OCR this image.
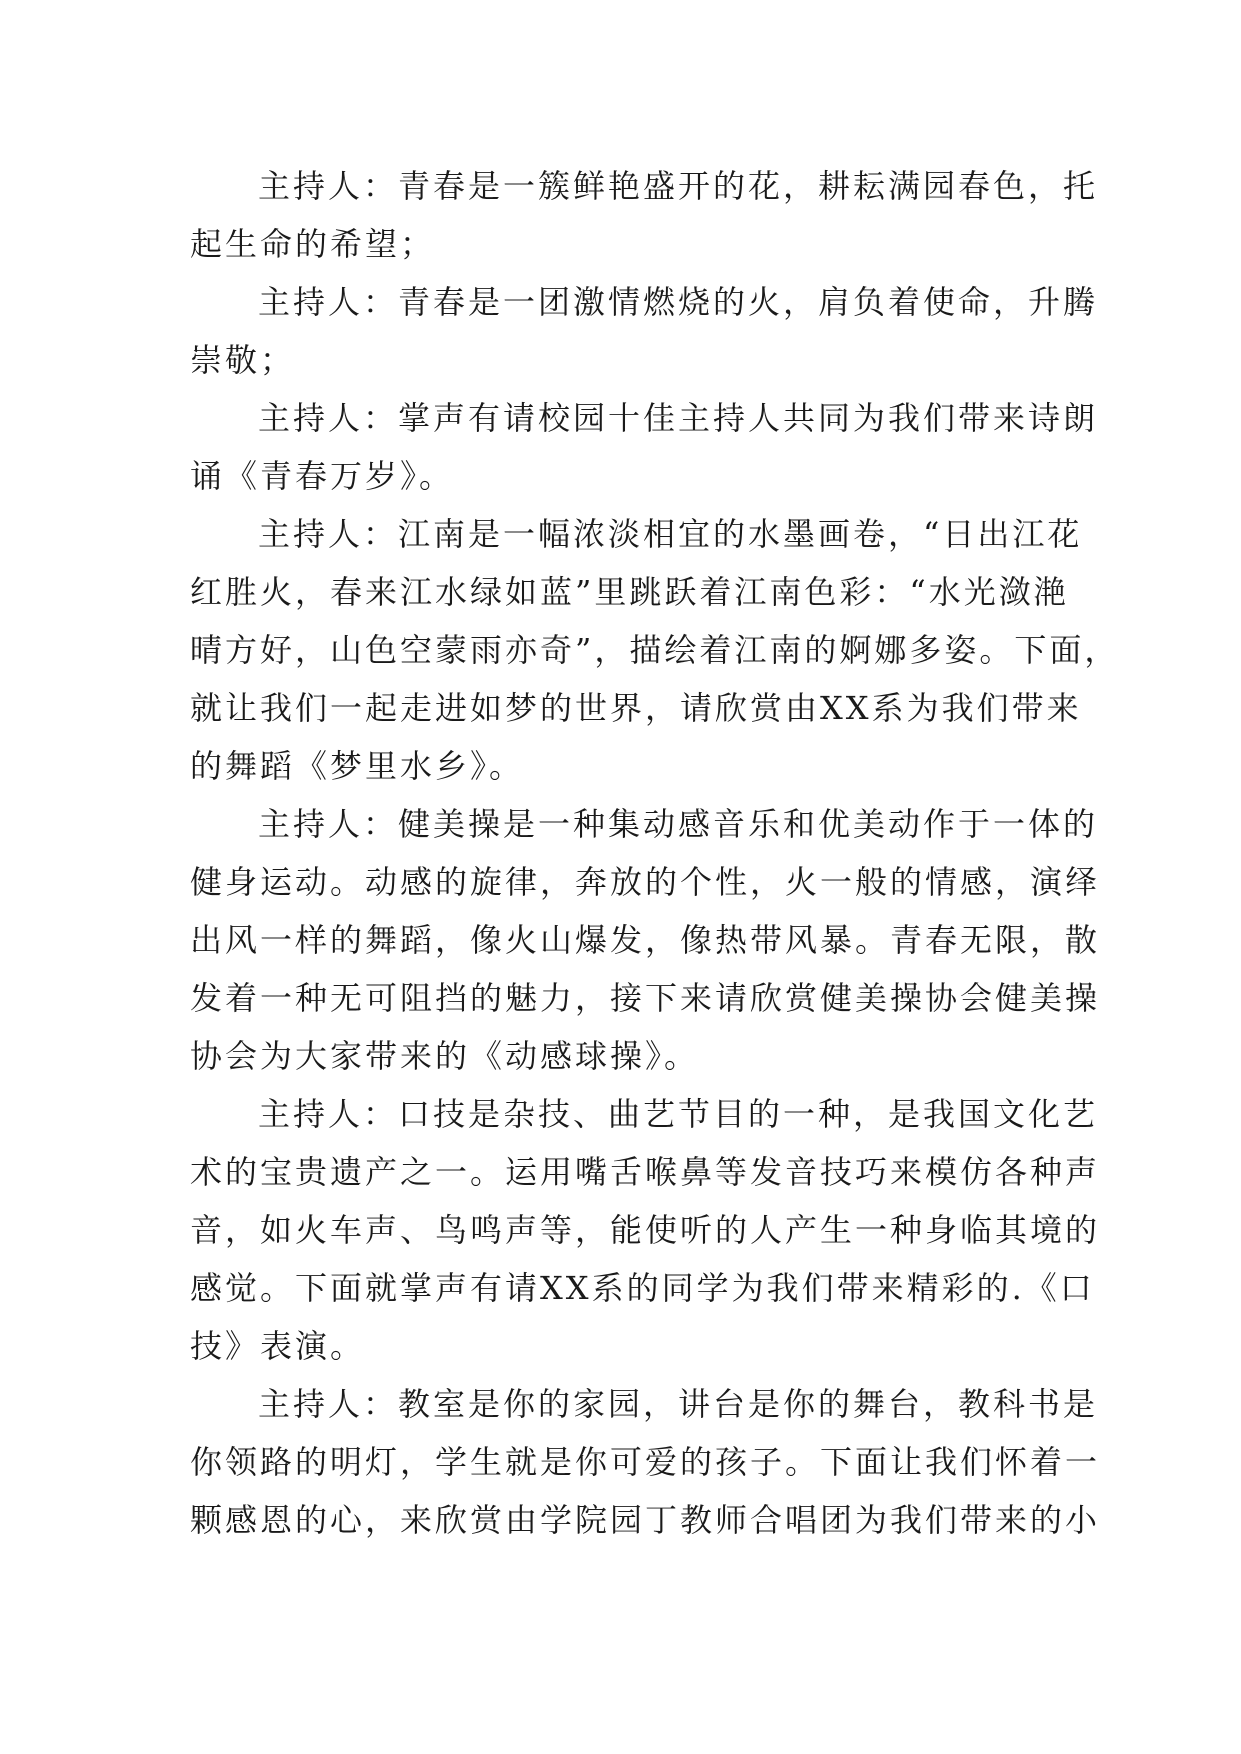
主持人：青春是一簇鲜艳盛开的花，耕耘满园春色，托
起生命的希望；

主持人：青春是一团激情燃烧的火，肩负着使命，升腾
崇敬；

主持人：掌声有请校园十佳主持人共同为我们带来诗朗
诵《青春万岁》。

主持人：江南是一幅浓淡相宜的水墨画卷，“日出江花
红胜火，春来江水绿如蓝”里跳跃着江南色彩：“水光潋滟
晴方好，山色空蒙雨亦奇”，描绘着江南的婀娜多姿。下面，
就让我们一起走进如梦的世界，请欣赏由XX系为我们带来
的舞蹈《梦里水乡》。

主持人：健美操是一种集动感音乐和优美动作于一体的
健身运动。动感的旋律，奔放的个性，火一般的情感，演绎
出风一样的舞蹈，像火山爆发，像热带风暴。青春无限，散
发着一种无可阻挡的魅力，接下来请欣赏健美操协会健美操
协会为大家带来的《动感球操》。

主持人：口技是杂技、曲艺节目的一种，是我国文化艺
术的宝贵遗产之一。运用嘴舌喉鼻等发音技巧来模仿各种声
音，如火车声、鸟鸣声等，能使听的人产生一种身临其境的
感觉。下面就掌声有请XX系的同学为我们带来精彩的.《口
技》表演。

主持人：教室是你的家园，讲台是你的舞台，教科书是
你领路的明灯，学生就是你可爱的孩子。下面让我们怀着一
颗感恩的心，来欣赏由学院园丁教师合唱团为我们带来的小
